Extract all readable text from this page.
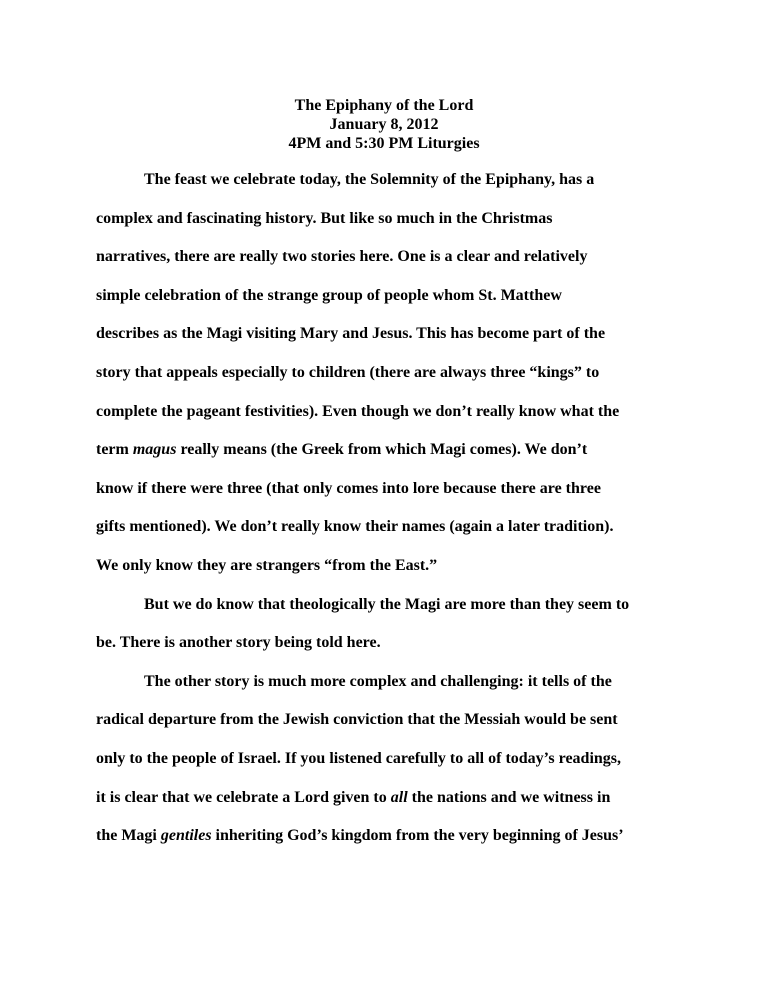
The Epiphany of the Lord
January 8, 2012
4PM and 5:30 PM Liturgies
The feast we celebrate today, the Solemnity of the Epiphany, has a
complex and fascinating history. But like so much in the Christmas
narratives, there are really two stories here. One is a clear and relatively
simple celebration of the strange group of people whom St. Matthew
describes as the Magi visiting Mary and Jesus. This has become part of the
story that appeals especially to children (there are always three “kings” to
complete the pageant festivities). Even though we don’t really know what the
term magus really means (the Greek from which Magi comes). We don’t
know if there were three (that only comes into lore because there are three
gifts mentioned). We don’t really know their names (again a later tradition).
We only know they are strangers “from the East.”
But we do know that theologically the Magi are more than they seem to
be. There is another story being told here.
The other story is much more complex and challenging: it tells of the
radical departure from the Jewish conviction that the Messiah would be sent
only to the people of Israel. If you listened carefully to all of today’s readings,
it is clear that we celebrate a Lord given to all the nations and we witness in
the Magi gentiles inheriting God’s kingdom from the very beginning of Jesus’
